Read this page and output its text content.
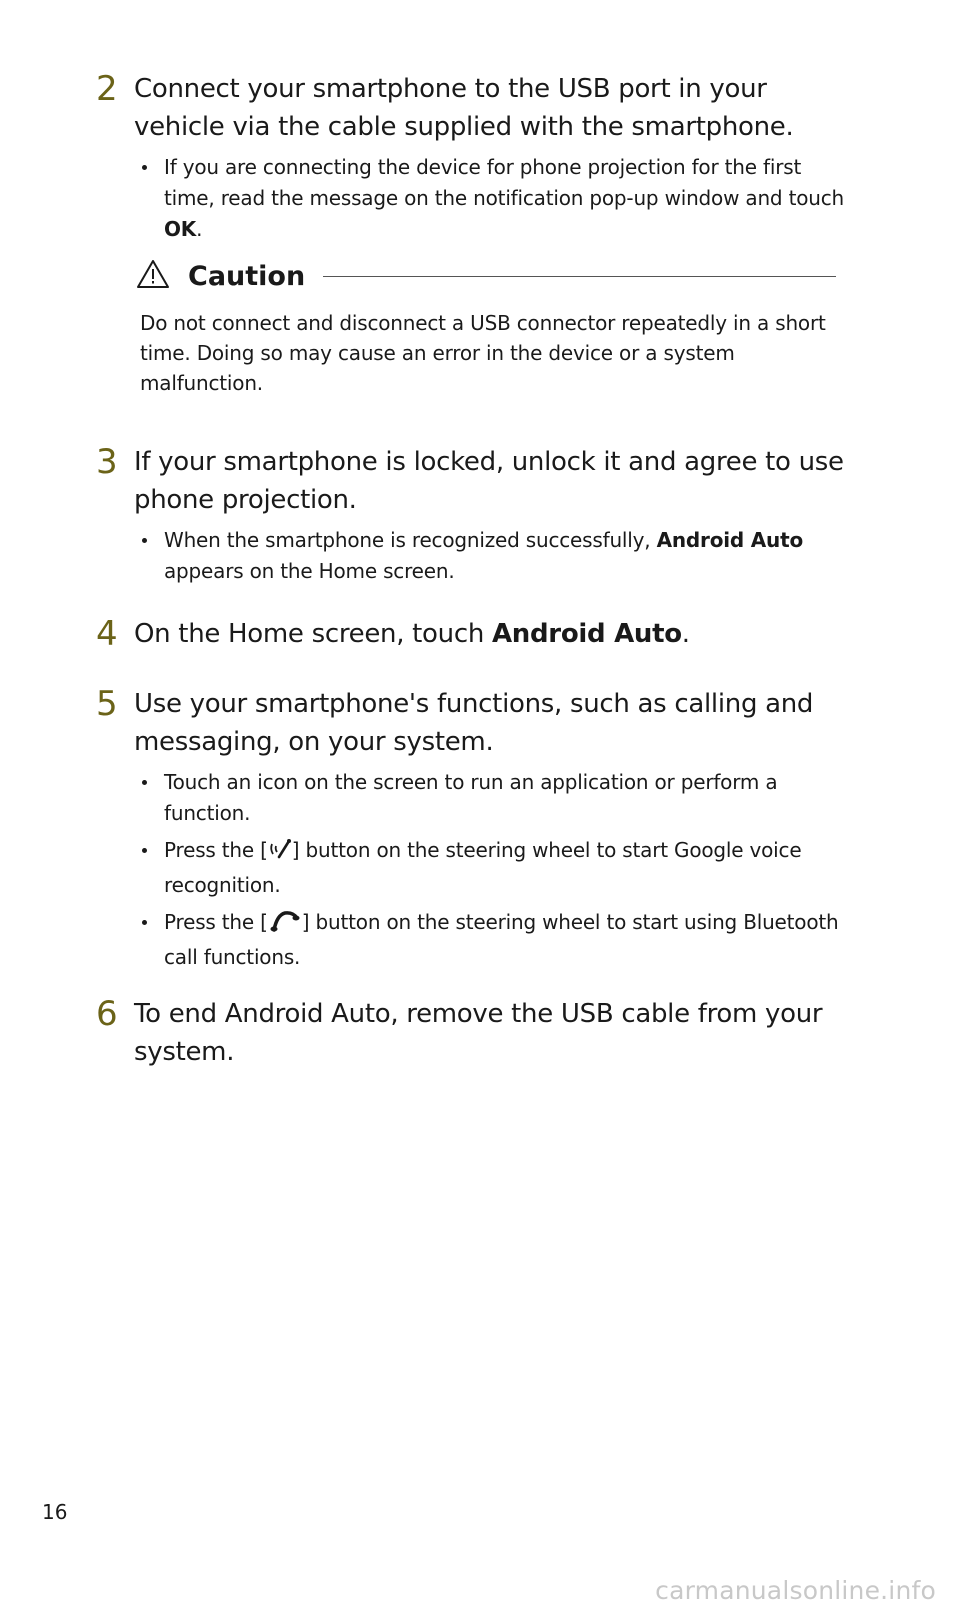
2 Connect your smartphone to the USB port in your vehicle via the cable supplied with the smartphone.
If you are connecting the device for phone projection for the first time, read the message on the notification pop-up window and touch OK.
Caution
Do not connect and disconnect a USB connector repeatedly in a short time. Doing so may cause an error in the device or a system malfunction.
3 If your smartphone is locked, unlock it and agree to use phone projection.
When the smartphone is recognized successfully, Android Auto appears on the Home screen.
4 On the Home screen, touch Android Auto.
5 Use your smartphone's functions, such as calling and messaging, on your system.
Touch an icon on the screen to run an application or perform a function.
Press the [ ] button on the steering wheel to start Google voice recognition.
Press the [ ] button on the steering wheel to start using Bluetooth call functions.
6 To end Android Auto, remove the USB cable from your system.
16
carmanualsonline.info
